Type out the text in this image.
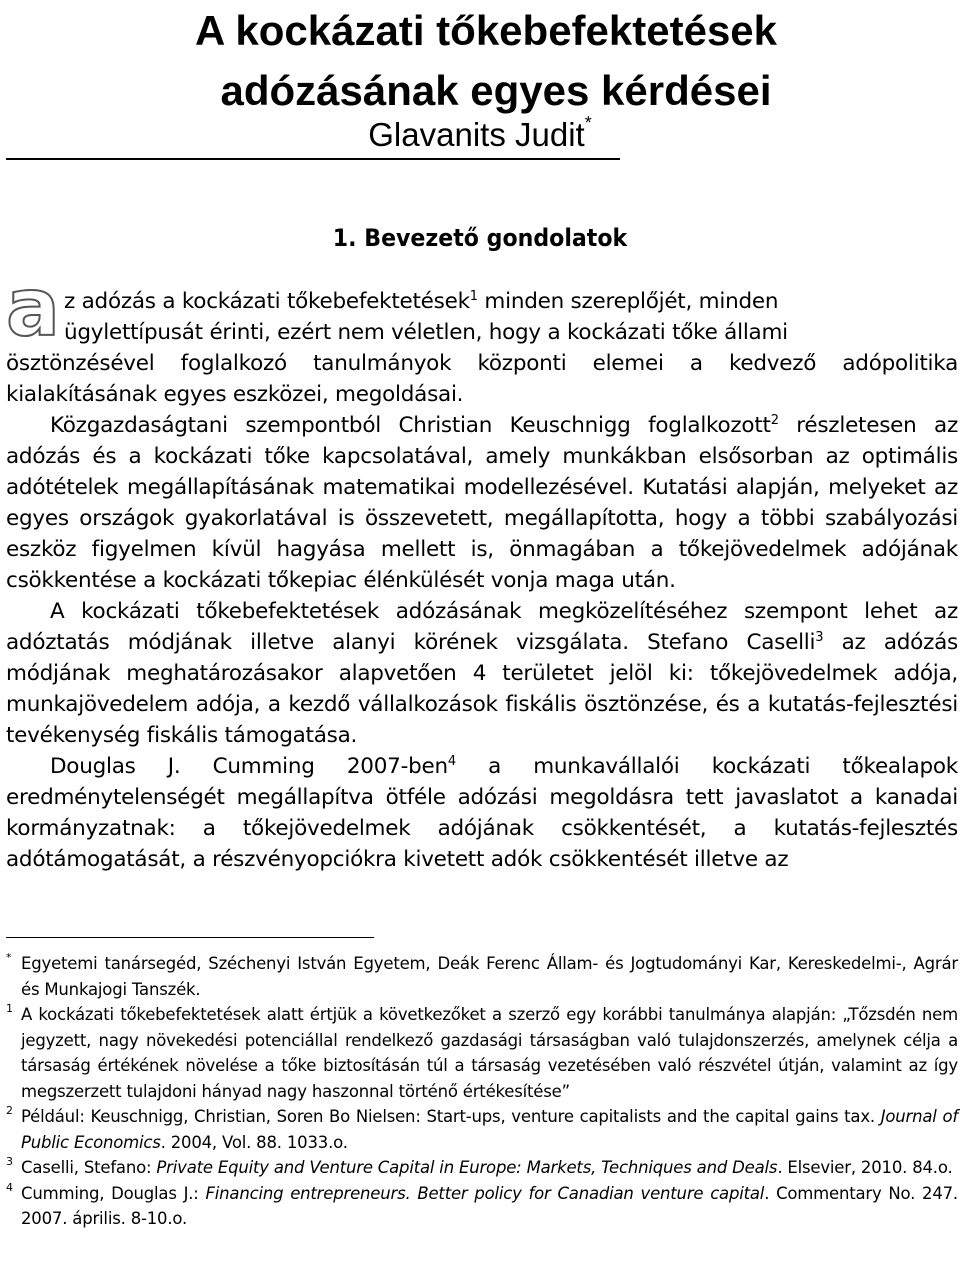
A kockázati tőkebefektetések
adózásának egyes kérdései
Glavanits Judit*
1. Bevezető gondolatok
a z adózás a kockázati tőkebefektetések$^1$ minden szereplőjét, minden
ügylettípusát érinti, ezért nem véletlen, hogy a kockázati tőke állami
ösztönzésével foglalkozó tanulmányok központi elemei a kedvező adópolitika kialakításának egyes eszközei, megoldásai.

Közgazdaságtani szempontból Christian Keuschnigg foglalkozott$^2$ részletesen az adózás és a kockázati tőke kapcsolatával, amely munkákban elsősorban az optimális adótételek megállapításának matematikai modellezésével. Kutatási alapján, melyeket az egyes országok gyakorlatával is összevetett, megállapította, hogy a többi szabályozási eszköz figyelmen kívül hagyása mellett is, önmagában a tőkejövedelmek adójának csökkentése a kockázati tőkepiac élénkülését vonja maga után.

A kockázati tőkebefektetések adózásának megközelítéséhez szempont lehet az adóztatás módjának illetve alanyi körének vizsgálata. Stefano Caselli$^3$ az adózás módjának meghatározásakor alapvetően 4 területet jelöl ki: tőkejövedelmek adója, munkajövedelem adója, a kezdő vállalkozások fiskális ösztönzése, és a kutatás-fejlesztési tevékenység fiskális támogatása.

Douglas J. Cumming 2007-ben$^4$ a munkavállalói kockázati tőkealapok eredménytelenségét megállapítva ötféle adózási megoldásra tett javaslatot a kanadai kormányzatnak: a tőkejövedelmek adójának csökkentését, a kutatás-fejlesztés adótámogatását, a részvényopciókra kivetett adók csökkentését illetve az

* Egyetemi tanársegéd, Széchenyi István Egyetem, Deák Ferenc Állam- és Jogtudományi Kar, Kereskedelmi-, Agrár és Munkajogi Tanszék.
1 A kockázati tőkebefektetések alatt értjük a következőket a szerző egy korábbi tanulmánya alapján: „Tőzsdén nem jegyzett, nagy növekedési potenciállal rendelkező gazdasági társaságban való tulajdonszerzés, amelynek célja a társaság értékének növelése a tőke biztosításán túl a társaság vezetésében való részvétel útján, valamint az így megszerzett tulajdoni hányad nagy haszonnal történő értékesítése”
2 Például: Keuschnigg, Christian, Soren Bo Nielsen: Start-ups, venture capitalists and the capital gains tax. Journal of Public Economics. 2004, Vol. 88. 1033.o.
3 Caselli, Stefano: Private Equity and Venture Capital in Europe: Markets, Techniques and Deals. Elsevier, 2010. 84.o.
4 Cumming, Douglas J.: Financing entrepreneurs. Better policy for Canadian venture capital. Commentary No. 247. 2007. április. 8-10.o.
